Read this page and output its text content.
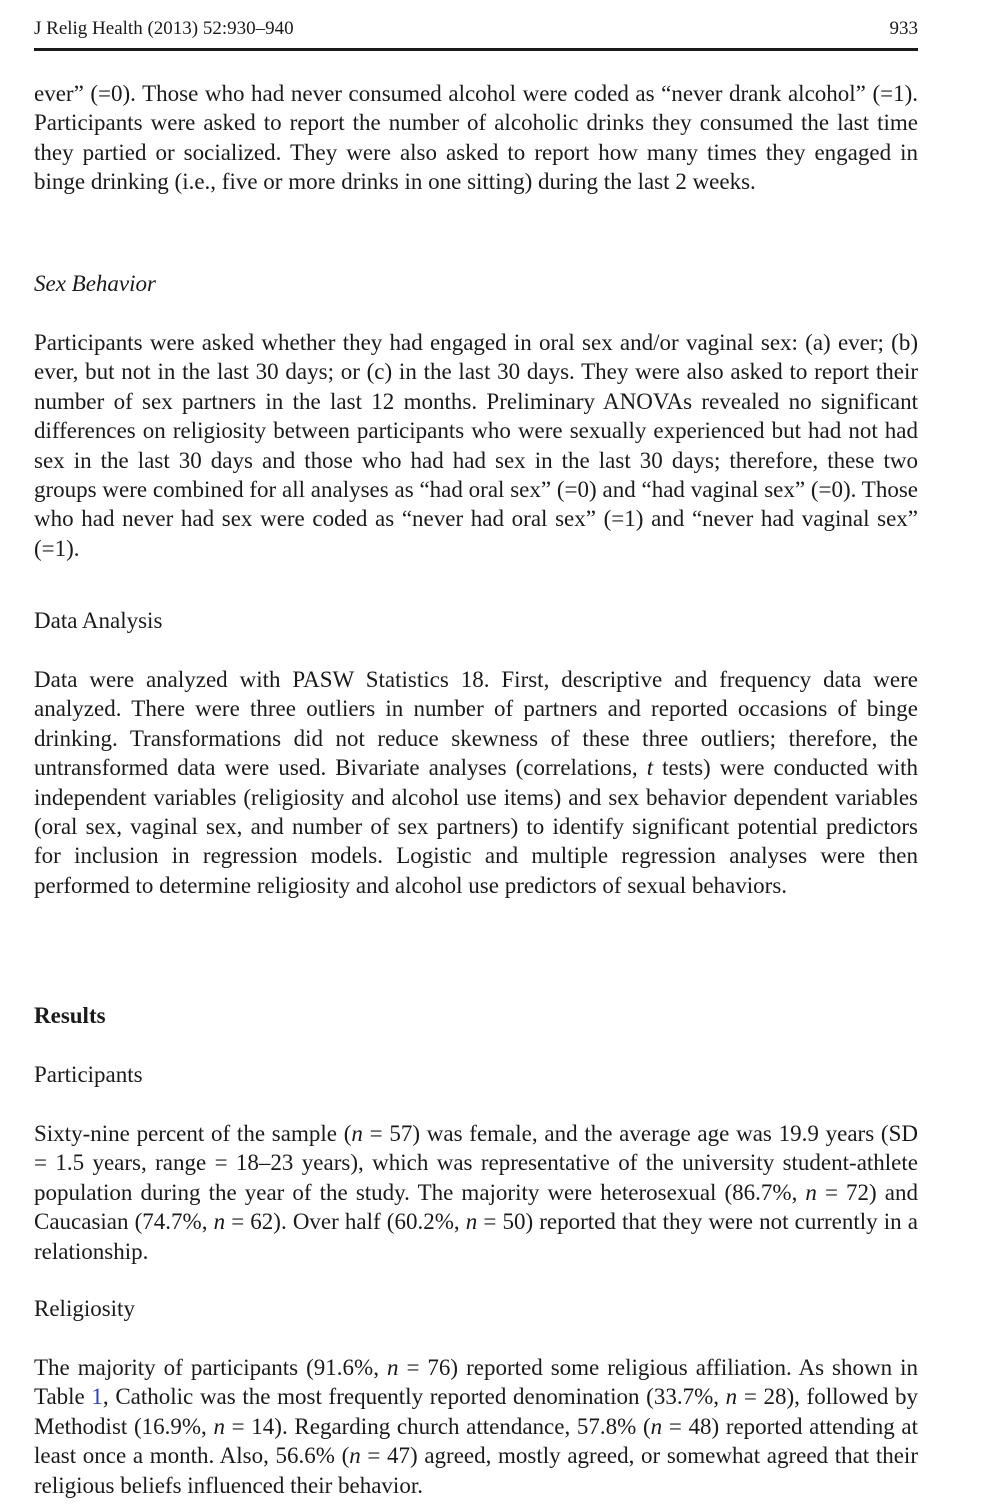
J Relig Health (2013) 52:930–940	933

ever” (=0). Those who had never consumed alcohol were coded as “never drank alcohol” (=1). Participants were asked to report the number of alcoholic drinks they consumed the last time they partied or socialized. They were also asked to report how many times they engaged in binge drinking (i.e., five or more drinks in one sitting) during the last 2 weeks.

Sex Behavior

Participants were asked whether they had engaged in oral sex and/or vaginal sex: (a) ever; (b) ever, but not in the last 30 days; or (c) in the last 30 days. They were also asked to report their number of sex partners in the last 12 months. Preliminary ANOVAs revealed no significant differences on religiosity between participants who were sexually experienced but had not had sex in the last 30 days and those who had had sex in the last 30 days; therefore, these two groups were combined for all analyses as “had oral sex” (=0) and “had vaginal sex” (=0). Those who had never had sex were coded as “never had oral sex” (=1) and “never had vaginal sex” (=1).

Data Analysis

Data were analyzed with PASW Statistics 18. First, descriptive and frequency data were analyzed. There were three outliers in number of partners and reported occasions of binge drinking. Transformations did not reduce skewness of these three outliers; therefore, the untransformed data were used. Bivariate analyses (correlations, t tests) were conducted with independent variables (religiosity and alcohol use items) and sex behavior dependent variables (oral sex, vaginal sex, and number of sex partners) to identify significant potential predictors for inclusion in regression models. Logistic and multiple regression analyses were then performed to determine religiosity and alcohol use predictors of sexual behaviors.

Results

Participants

Sixty-nine percent of the sample (n = 57) was female, and the average age was 19.9 years (SD = 1.5 years, range = 18–23 years), which was representative of the university student-athlete population during the year of the study. The majority were heterosexual (86.7%, n = 72) and Caucasian (74.7%, n = 62). Over half (60.2%, n = 50) reported that they were not currently in a relationship.

Religiosity

The majority of participants (91.6%, n = 76) reported some religious affiliation. As shown in Table 1, Catholic was the most frequently reported denomination (33.7%, n = 28), followed by Methodist (16.9%, n = 14). Regarding church attendance, 57.8% (n = 48) reported attending at least once a month. Also, 56.6% (n = 47) agreed, mostly agreed, or somewhat agreed that their religious beliefs influenced their behavior.
